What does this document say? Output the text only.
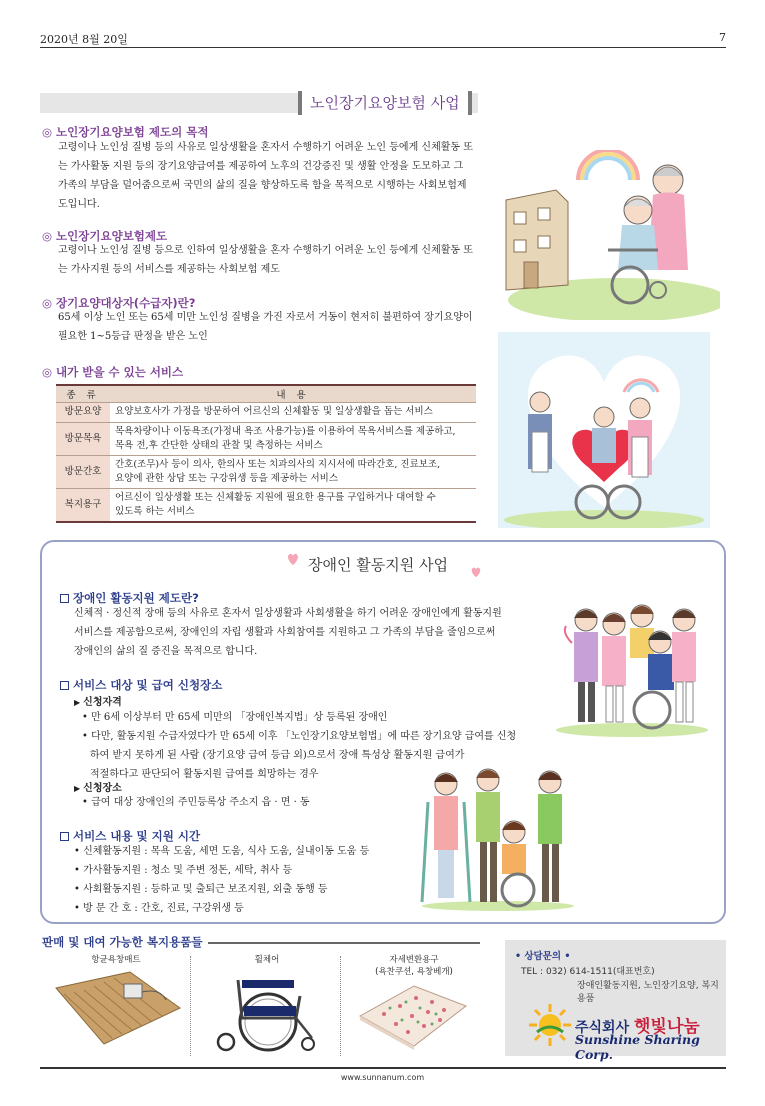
2020년 8월 20일	7
노인장기요양보험 사업
◎ 노인장기요양보험 제도의 목적
고령이나 노인성 질병 등의 사유로 일상생활을 혼자서 수행하기 어려운 노인 등에게 신체활동 또
는 가사활동 지원 등의 장기요양급여를 제공하여 노후의 건강증진 및 생활 안정을 도모하고 그
가족의 부담을 덜어줌으로써 국민의 삶의 질을 향상하도록 함을 목적으로 시행하는 사회보험제
도입니다.
◎ 노인장기요양보험제도
고령이나 노인성 질병 등으로 인하여 일상생활을 혼자 수행하기 어려운 노인 등에게 신체활동 또
는 가사지원 등의 서비스를 제공하는 사회보험 제도
◎ 장기요양대상자(수급자)란?
65세 이상 노인 또는 65세 미만 노인성 질병을 가진 자로서 거동이 현저히 불편하여 장기요양이
필요한 1~5등급 판정을 받은 노인
◎ 내가 받을 수 있는 서비스
종 류	내 용
방문요양	요양보호사가 가정을 방문하여 어르신의 신체활동 및 일상생활을 돕는 서비스

방문목욕	목욕차량이나 이동욕조(가정내 욕조 사용가능)를 이용하여 목욕서비스를 제공하고,
목욕 전,후 간단한 상태의 관찰 및 측정하는 서비스

방문간호	간호(조무)사 등이 의사, 한의사 또는 치과의사의 지시서에 따라간호, 진료보조,
요양에 관한 상담 또는 구강위생 등을 제공하는 서비스

복지용구	어르신이 일상생활 또는 신체활동 지원에 필요한 용구를 구입하거나 대여할 수
있도록 하는 서비스
장애인 활동지원 사업
장애인 활동지원 제도란?
신체적 · 정신적 장애 등의 사유로 혼자서 일상생활과 사회생활을 하기 어려운 장애인에게 활동지원
서비스를 제공함으로써, 장애인의 자립 생활과 사회참여를 지원하고 그 가족의 부담을 줄임으로써
장애인의 삶의 질 증진을 목적으로 합니다.
서비스 대상 및 급여 신청장소
▶ 신청자격
• 만 6세 이상부터 만 65세 미만의 「장애인복지법」상 등록된 장애인
• 다만, 활동지원 수급자였다가 만 65세 이후 「노인장기요양보험법」에 따른 장기요양 급여를 신청
하여 받지 못하게 된 사람 (장기요양 급여 등급 외)으로서 장애 특성상 활동지원 급여가
적절하다고 판단되어 활동지원 급여를 희망하는 경우
▶ 신청장소
• 급여 대상 장애인의 주민등록상 주소지 읍 · 면 · 동
서비스 내용 및 지원 시간
• 신체활동지원 : 목욕 도움, 세면 도움, 식사 도움, 실내이동 도움 등
• 가사활동지원 : 청소 및 주변 정돈, 세탁, 취사 등
• 사회활동지원 : 등하교 및 출퇴근 보조지원, 외출 동행 등
• 방 문 간 호 : 간호, 진료, 구강위생 등
판매 및 대여 가능한 복지용품들
항균욕창매트	휠체어	자세변환용구
(욕찬쿠션, 욕창베개)
• 상담문의 •
TEL : 032) 614-1511(대표번호)
장애인활동지원, 노인장기요양, 복지용품
주식회사 햇빛나눔
Sunshine Sharing Corp.
www.sunnanum.com
